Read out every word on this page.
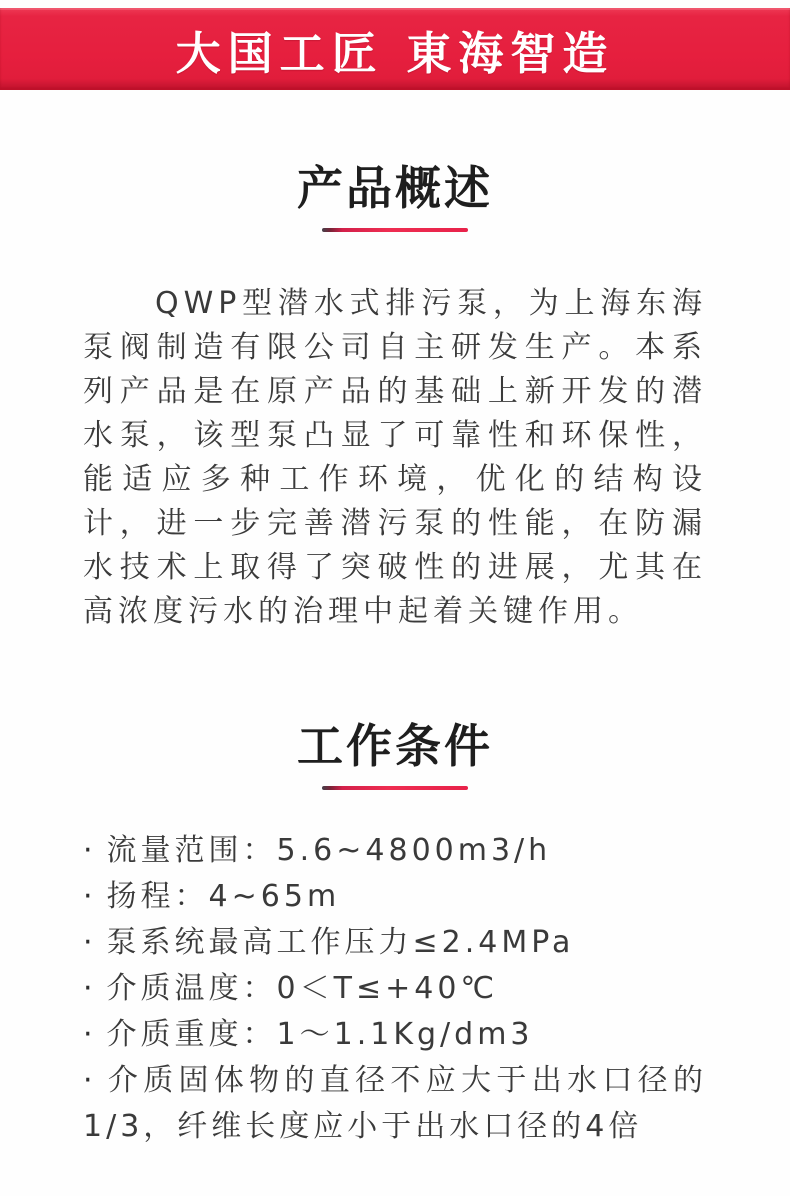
大国工匠 東海智造
产品概述

QWP型潜水式排污泵，为上海东海泵阀制造有限公司自主研发生产。本系列产品是在原产品的基础上新开发的潜水泵，该型泵凸显了可靠性和环保性，能适应多种工作环境，优化的结构设计，进一步完善潜污泵的性能，在防漏水技术上取得了突破性的进展，尤其在高浓度污水的治理中起着关键作用。

工作条件
· 流量范围：5.6~4800m3/h
· 扬程：4~65m
· 泵系统最高工作压力≤2.4MPa
· 介质温度：0＜T≤+40℃
· 介质重度：1～1.1Kg/dm3
· 介质固体物的直径不应大于出水口径的1/3，纤维长度应小于出水口径的4倍
